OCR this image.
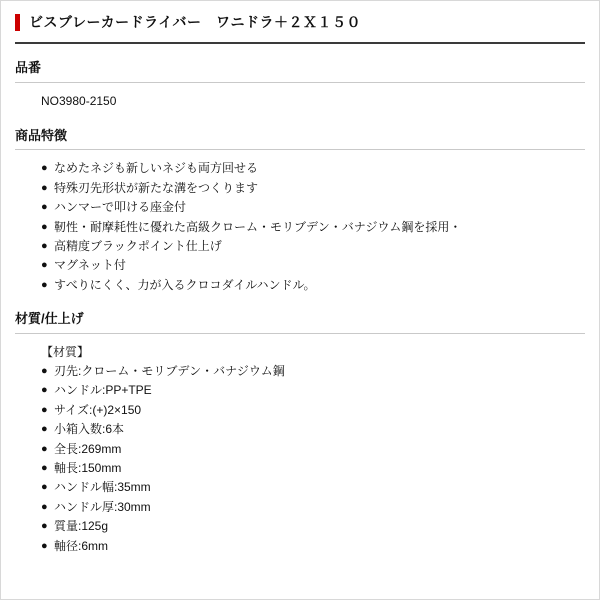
ビスブレーカードライバー　ワニドラ＋２Ｘ１５０
品番
NO3980-2150
商品特徴
● なめたネジも新しいネジも両方回せる
● 特殊刃先形状が新たな溝をつくります
● ハンマーで叩ける座金付
● 靭性・耐摩耗性に優れた高級クローム・モリブデン・バナジウム鋼を採用・
● 高精度ブラックポイント仕上げ
● マグネット付
● すべりにくく、力が入るクロコダイルハンドル。
材質/仕上げ
【材質】
● 刃先:クローム・モリブデン・バナジウム鋼
● ハンドル:PP+TPE
● サイズ:(+)2×150
● 小箱入数:6本
● 全長:269mm
● 軸長:150mm
● ハンドル幅:35mm
● ハンドル厚:30mm
● 質量:125g
● 軸径:6mm
